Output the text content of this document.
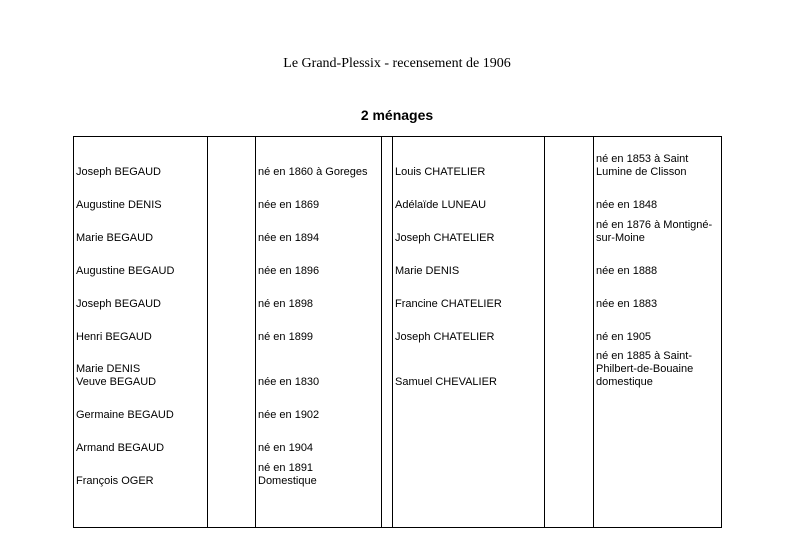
Le Grand-Plessix - recensement de 1906
2 ménages
Joseph BEGAUD		né en 1860 à Goreges		Louis CHATELIER		né en 1853 à Saint
Lumine de Clisson
Augustine DENIS		née en 1869		Adélaïde LUNEAU		née en 1848
Marie BEGAUD		née en 1894		Joseph CHATELIER		né en 1876 à Montigné-
sur-Moine

Augustine BEGAUD		née en 1896		Marie DENIS		née en 1888
Joseph BEGAUD		né en 1898		Francine CHATELIER		née en 1883
Henri BEGAUD		né en 1899		Joseph CHATELIER		né en 1905
Marie DENIS
Veuve BEGAUD		née en 1830		Samuel CHEVALIER		né en 1885 à Saint-
Philbert-de-Bouaine
domestique

Germaine BEGAUD		née en 1902				
Armand BEGAUD		né en 1904				
François OGER		né en 1891
Domestique				
